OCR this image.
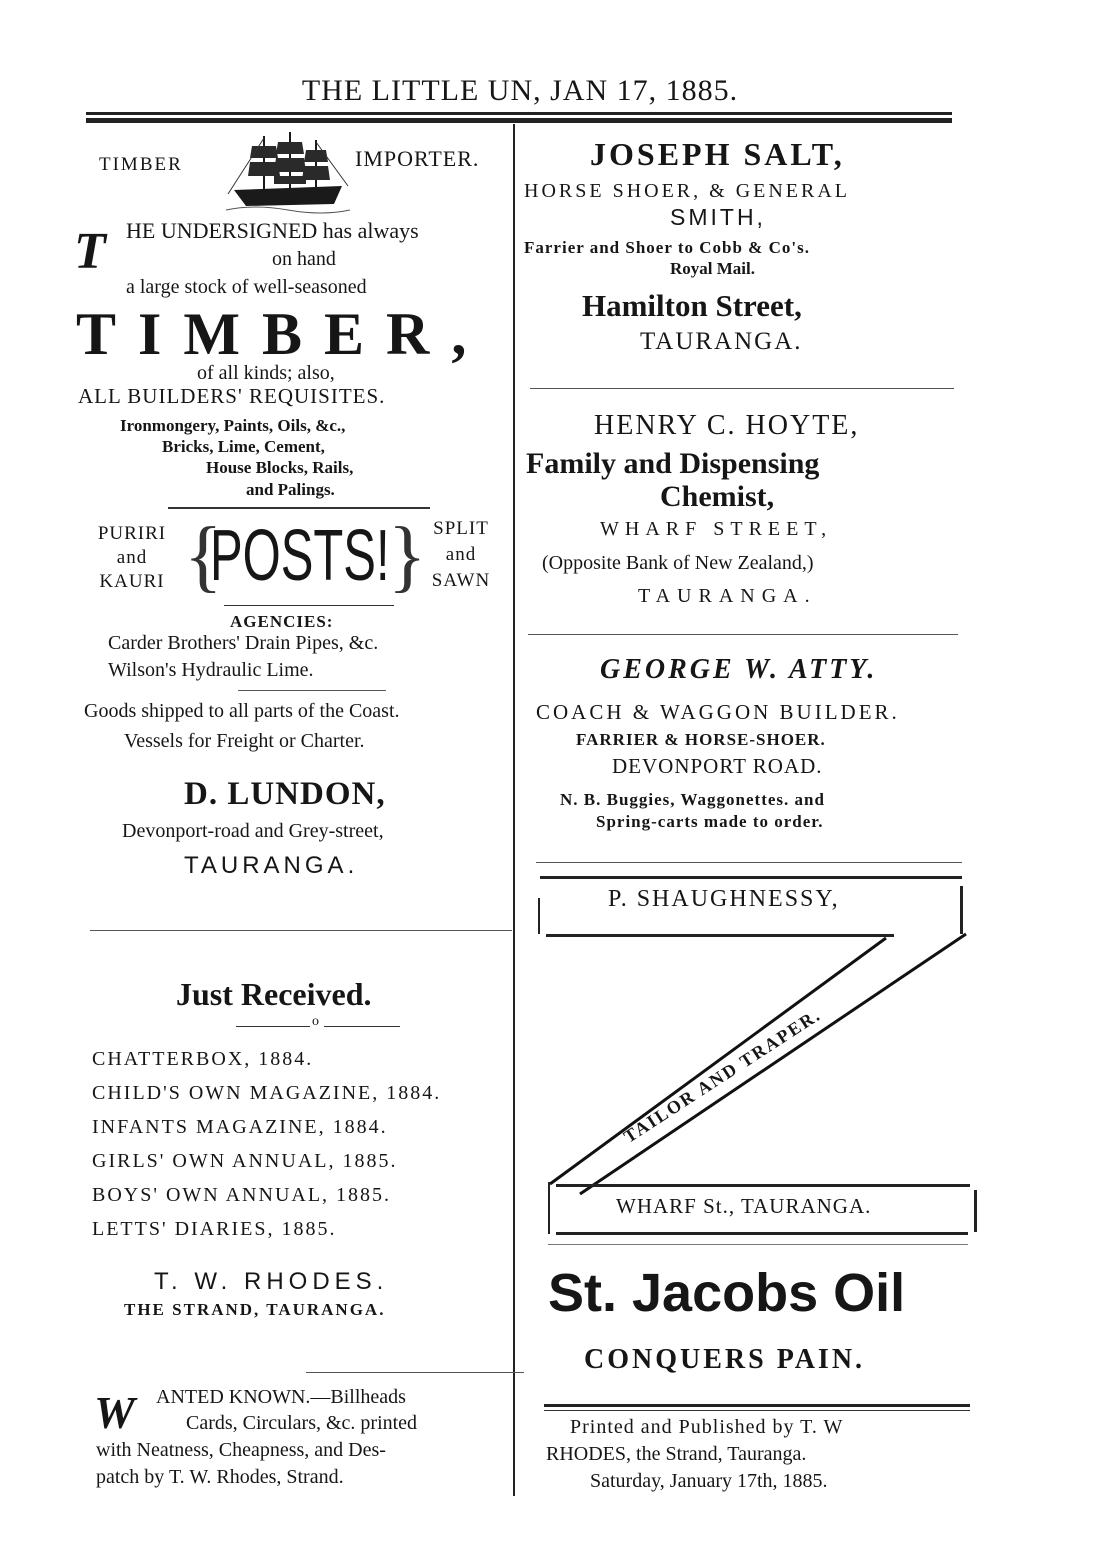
THE LITTLE UN, JAN 17, 1885.
TIMBER	IMPORTER.
T HE UNDERSIGNED has always
on hand
a large stock of well-seasoned
TIMBER,
of all kinds; also,
ALL BUILDERS' REQUISITES.
Ironmongery, Paints, Oils, &c.,
Bricks, Lime, Cement,
House Blocks, Rails,
and Palings.
PURIRI
and
KAURI {
POSTS!
} SPLIT
and
SAWN
AGENCIES:
Carder Brothers' Drain Pipes, &c.
Wilson's Hydraulic Lime.
Goods shipped to all parts of the Coast.
Vessels for Freight or Charter.
D. LUNDON,
Devonport-road and Grey-street,
TAURANGA.
Just Received.
o
CHATTERBOX, 1884.
CHILD'S OWN MAGAZINE, 1884.
INFANTS MAGAZINE, 1884.
GIRLS' OWN ANNUAL, 1885.
BOYS' OWN ANNUAL, 1885.
LETTS' DIARIES, 1885.
T. W. RHODES.
THE STRAND, TAURANGA.
W ANTED KNOWN.—Billheads
Cards, Circulars, &c. printed
with Neatness, Cheapness, and Des-
patch by T. W. Rhodes, Strand.
JOSEPH SALT,
HORSE SHOER, & GENERAL
SMITH,
Farrier and Shoer to Cobb & Co's.
Royal Mail.
Hamilton Street,
TAURANGA.
HENRY C. HOYTE,
Family and Dispensing
Chemist,
WHARF STREET,
(Opposite Bank of New Zealand,)
TAURANGA.
GEORGE W. ATTY.
COACH & WAGGON BUILDER.
FARRIER & HORSE-SHOER.
DEVONPORT ROAD.
N. B. Buggies, Waggonettes. and
Spring-carts made to order.
P. SHAUGHNESSY,
TAILOR AND TRAPER.
WHARF St., TAURANGA.
St. Jacobs Oil
CONQUERS PAIN.
Printed and Published by T. W
RHODES, the Strand, Tauranga.
Saturday, January 17th, 1885.
